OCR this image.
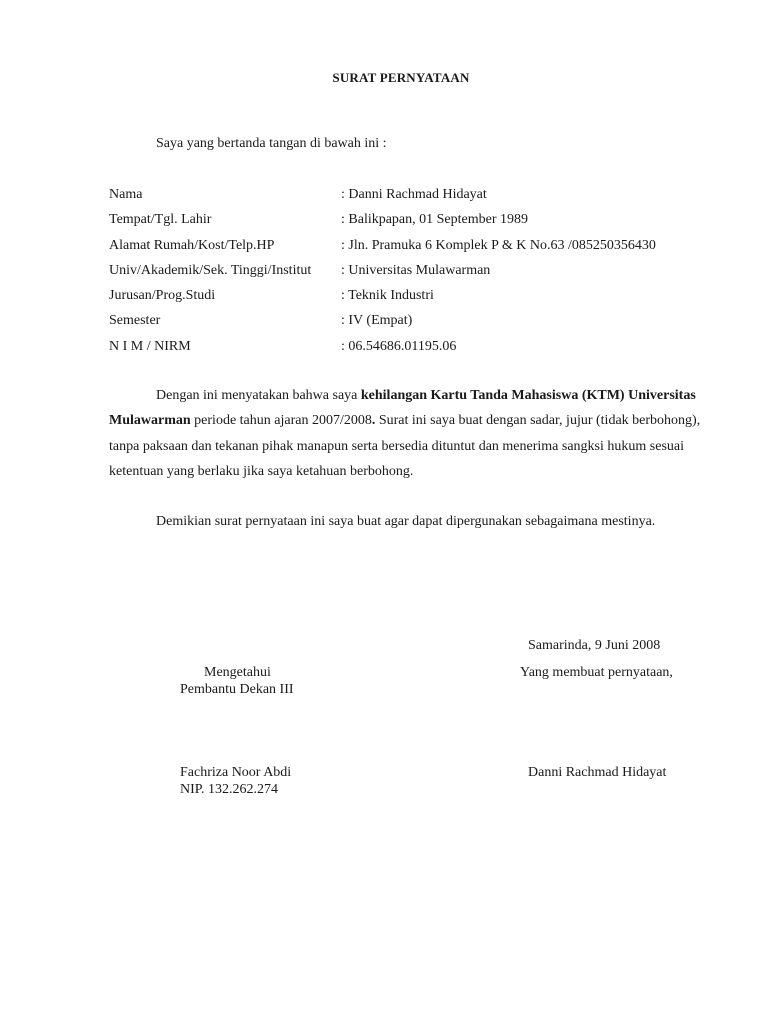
SURAT PERNYATAAN
Saya yang bertanda tangan di bawah ini :
Nama	: Danni Rachmad Hidayat
Tempat/Tgl. Lahir	: Balikpapan, 01 September 1989
Alamat Rumah/Kost/Telp.HP	: Jln. Pramuka 6 Komplek P & K No.63 /085250356430
Univ/Akademik/Sek. Tinggi/Institut : Universitas Mulawarman
Jurusan/Prog.Studi	: Teknik Industri
Semester	: IV (Empat)
N I M / NIRM	: 06.54686.01195.06

Dengan ini menyatakan bahwa saya kehilangan Kartu Tanda Mahasiswa (KTM) Universitas Mulawarman periode tahun ajaran 2007/2008. Surat ini saya buat dengan sadar, jujur (tidak berbohong), tanpa paksaan dan tekanan pihak manapun serta bersedia dituntut dan menerima sangksi hukum sesuai ketentuan yang berlaku jika saya ketahuan berbohong.

Demikian surat pernyataan ini saya buat agar dapat dipergunakan sebagaimana mestinya.

Samarinda, 9 Juni 2008
Mengetahui
Pembantu Dekan III
Yang membuat pernyataan,
Fachriza Noor Abdi
NIP. 132.262.274
Danni Rachmad Hidayat
